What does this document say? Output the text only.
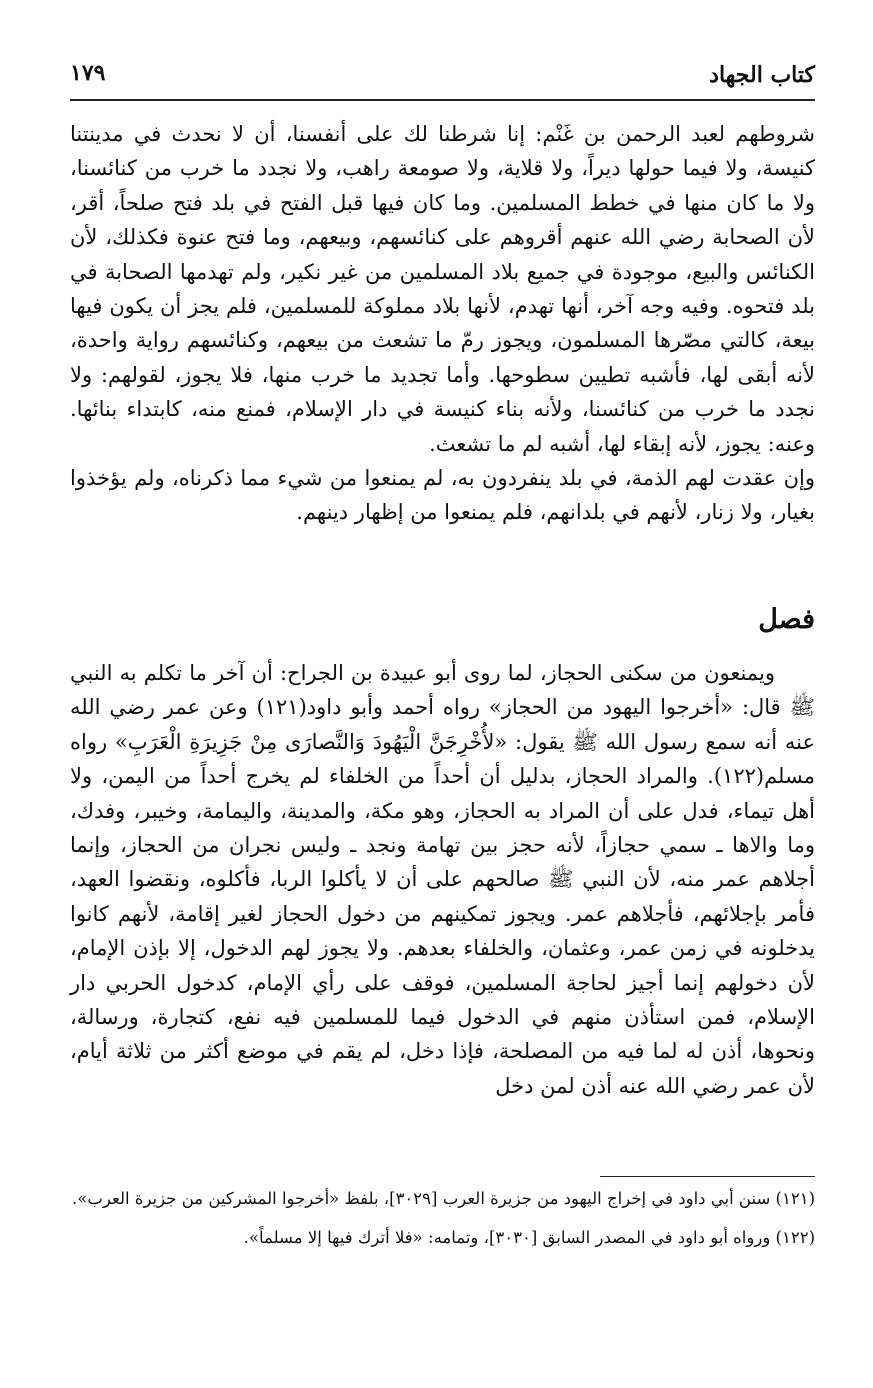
كتاب الجهاد
١٧٩

شروطهم لعبد الرحمن بن غَنْم: إنا شرطنا لك على أنفسنا، أن لا نحدث في مدينتنا كنيسة، ولا فيما حولها ديراً، ولا قلاية، ولا صومعة راهب، ولا نجدد ما خرب من كنائسنا، ولا ما كان منها في خطط المسلمين. وما كان فيها قبل الفتح في بلد فتح صلحاً، أقر، لأن الصحابة رضي الله عنهم أقروهم على كنائسهم، وبيعهم، وما فتح عنوة فكذلك، لأن الكنائس والبيع، موجودة في جميع بلاد المسلمين من غير نكير، ولم تهدمها الصحابة في بلد فتحوه. وفيه وجه آخر، أنها تهدم، لأنها بلاد مملوكة للمسلمين، فلم يجز أن يكون فيها بيعة، كالتي مصّرها المسلمون، ويجوز رمّ ما تشعث من بيعهم، وكنائسهم رواية واحدة، لأنه أبقى لها، فأشبه تطيين سطوحها. وأما تجديد ما خرب منها، فلا يجوز، لقولهم: ولا نجدد ما خرب من كنائسنا، ولأنه بناء كنيسة في دار الإسلام، فمنع منه، كابتداء بنائها. وعنه: يجوز، لأنه إبقاء لها، أشبه لم ما تشعث.

وإن عقدت لهم الذمة، في بلد ينفردون به، لم يمنعوا من شيء مما ذكرناه، ولم يؤخذوا بغيار، ولا زنار، لأنهم في بلدانهم، فلم يمنعوا من إظهار دينهم.

فصل

ويمنعون من سكنى الحجاز، لما روى أبو عبيدة بن الجراح: أن آخر ما تكلم به النبي ﷺ قال: «أخرجوا اليهود من الحجاز» رواه أحمد وأبو داود(١٢١) وعن عمر رضي الله عنه أنه سمع رسول الله ﷺ يقول: «لأُخْرِجَنَّ الْيَهُودَ وَالنَّصارَى مِنْ جَزِيرَةِ الْعَرَبِ» رواه مسلم(١٢٢). والمراد الحجاز، بدليل أن أحداً من الخلفاء لم يخرج أحداً من اليمن، ولا أهل تيماء، فدل على أن المراد به الحجاز، وهو مكة، والمدينة، واليمامة، وخيبر، وفدك، وما والاها ـ سمي حجازاً، لأنه حجز بين تهامة ونجد ـ وليس نجران من الحجاز، وإنما أجلاهم عمر منه، لأن النبي ﷺ صالحهم على أن لا يأكلوا الربا، فأكلوه، ونقضوا العهد، فأمر بإجلائهم، فأجلاهم عمر. ويجوز تمكينهم من دخول الحجاز لغير إقامة، لأنهم كانوا يدخلونه في زمن عمر، وعثمان، والخلفاء بعدهم. ولا يجوز لهم الدخول، إلا بإذن الإمام، لأن دخولهم إنما أجيز لحاجة المسلمين، فوقف على رأي الإمام، كدخول الحربي دار الإسلام، فمن استأذن منهم في الدخول فيما للمسلمين فيه نفع، كتجارة، ورسالة، ونحوها، أذن له لما فيه من المصلحة، فإذا دخل، لم يقم في موضع أكثر من ثلاثة أيام، لأن عمر رضي الله عنه أذن لمن دخل

(١٢١) سنن أبي داود في إخراج اليهود من جزيرة العرب [٣٠٢٩]، بلفظ «أخرجوا المشركين من جزيرة العرب».

(١٢٢) ورواه أبو داود في المصدر السابق [٣٠٣٠]، وتمامه: «فلا أترك فيها إلا مسلماً».
